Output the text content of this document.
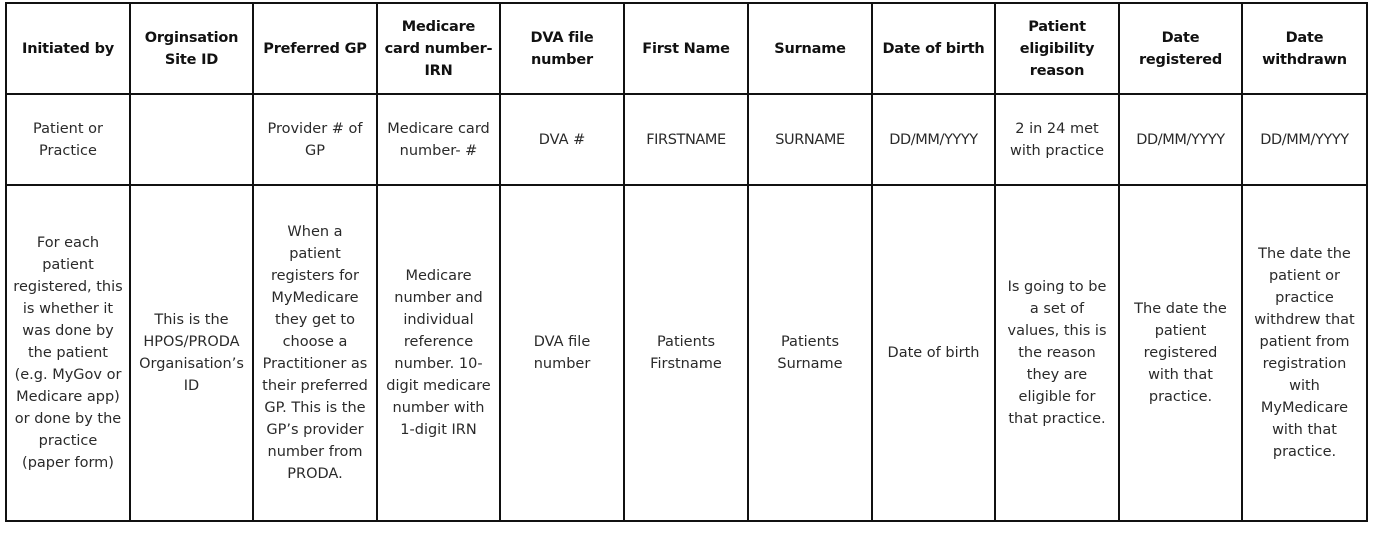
Initiated by	Orginsation Site ID	Preferred GP	Medicare card number-IRN	DVA file number	First Name	Surname	Date of birth	Patient eligibility reason	Date registered	Date withdrawn
Patient or Practice		Provider # of GP	Medicare card number- #	DVA #	FIRSTNAME	SURNAME	DD/MM/YYYY	2 in 24 met with practice	DD/MM/YYYY	DD/MM/YYYY
For each patient registered, this is whether it was done by the patient (e.g. MyGov or Medicare app) or done by the practice (paper form)	This is the HPOS/PRODA Organisation’s ID	When a patient registers for MyMedicare they get to choose a Practitioner as their preferred GP. This is the GP’s provider number from PRODA.	Medicare number and individual reference number. 10-digit medicare number with 1-digit IRN	DVA file number	Patients Firstname	Patients Surname	Date of birth	Is going to be a set of values, this is the reason they are eligible for that practice.	The date the patient registered with that practice.	The date the patient or practice withdrew that patient from registration with MyMedicare with that practice.
